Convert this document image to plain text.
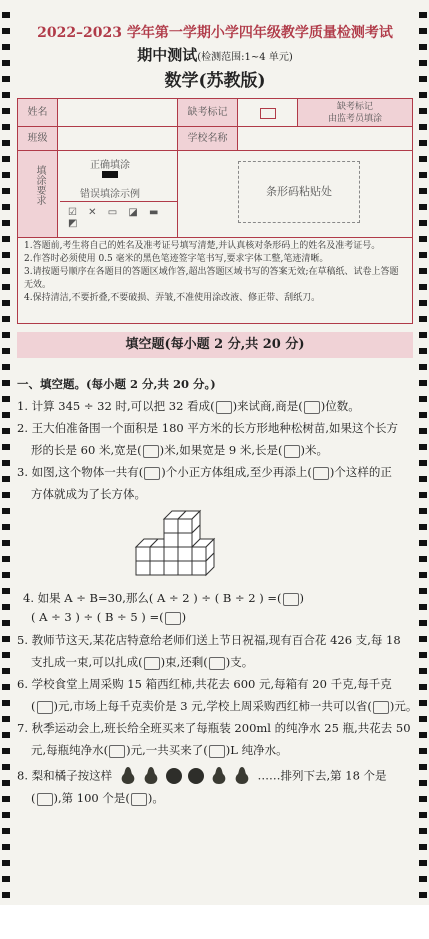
2022–2023 学年第一学期小学四年级教学质量检测考试
期中测试(检测范围:1~4 单元)
数学(苏教版)
姓名	缺考标记	缺考标记
由监考员填涂
班级	学校名称
填涂要求	正确填涂
错误填涂示例
☑ ✕ ▭ ◪ ▬ ◩
条形码粘贴处
1.答题前,考生将自己的姓名及准考证号填写清楚,并认真核对条形码上的姓名及准考证号。
2.作答时必须使用 0.5 毫米的黑色笔迹签字笔书写,要求字体工整,笔迹清晰。
3.请按题号顺序在各题目的答题区域作答,超出答题区域书写的答案无效;在草稿纸、试卷上答题无效。
4.保持清洁,不要折叠,不要破损、弄皱,不准使用涂改液、修正带、刮纸刀。
填空题(每小题 2 分,共 20 分)
一、填空题。(每小题 2 分,共 20 分。)
1. 计算 345 ÷ 32 时,可以把 32 看成( )来试商,商是( )位数。
2. 王大伯准备围一个面积是 180 平方米的长方形地种松树苗,如果这个长方
形的长是 60 米,宽是( )米,如果宽是 9 米,长是( )米。
3. 如图,这个物体一共有( )个小正方体组成,至少再添上( )个这样的正
方体就成为了长方体。
4. 如果 A ÷ B=30,那么( A ÷ 2 ) ÷ ( B ÷ 2 ) =( )
( A ÷ 3 ) ÷ ( B ÷ 5 ) =( )
5. 教师节这天,某花店特意给老师们送上节日祝福,现有百合花 426 支,每 18
支扎成一束,可以扎成( )束,还剩( )支。
6. 学校食堂上周采购 15 箱西红柿,共花去 600 元,每箱有 20 千克,每千克
( )元,市场上每千克卖价是 3 元,学校上周采购西红柿一共可以省( )元。
7. 秋季运动会上,班长给全班买来了每瓶装 200ml 的纯净水 25 瓶,共花去 50
元,每瓶纯净水( )元,一共买来了( )L 纯净水。
8. 梨和橘子按这样	……排列下去,第 18 个是
( ),第 100 个是( )。
